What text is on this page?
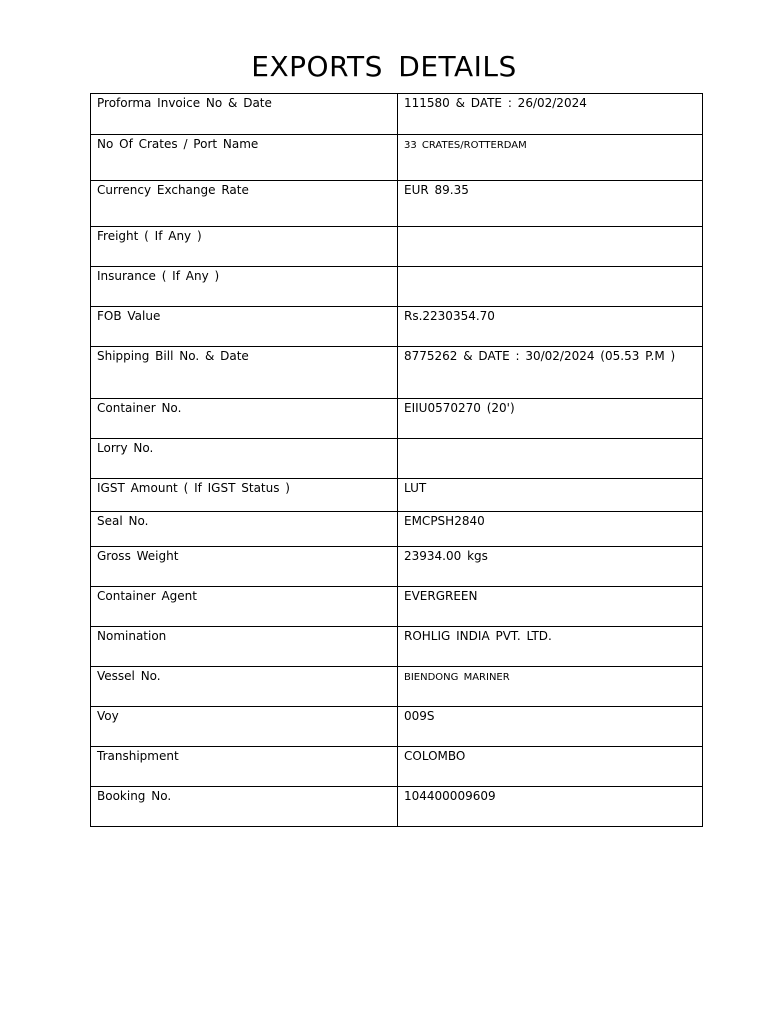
EXPORTS DETAILS
Proforma Invoice No & Date	111580 & DATE : 26/02/2024
No Of Crates / Port Name	33 CRATES/ROTTERDAM
Currency Exchange Rate	EUR 89.35
Freight ( If Any )	
Insurance ( If Any )	
FOB Value	Rs.2230354.70
Shipping Bill No. & Date	8775262 & DATE : 30/02/2024 (05.53 P.M )
Container No.	EIIU0570270 (20')
Lorry No.	
IGST Amount ( If IGST Status )	LUT
Seal No.	EMCPSH2840
Gross Weight	23934.00 kgs
Container Agent	EVERGREEN
Nomination	ROHLIG INDIA PVT. LTD.
Vessel No.	BIENDONG MARINER
Voy	009S
Transhipment	COLOMBO
Booking No.	104400009609
